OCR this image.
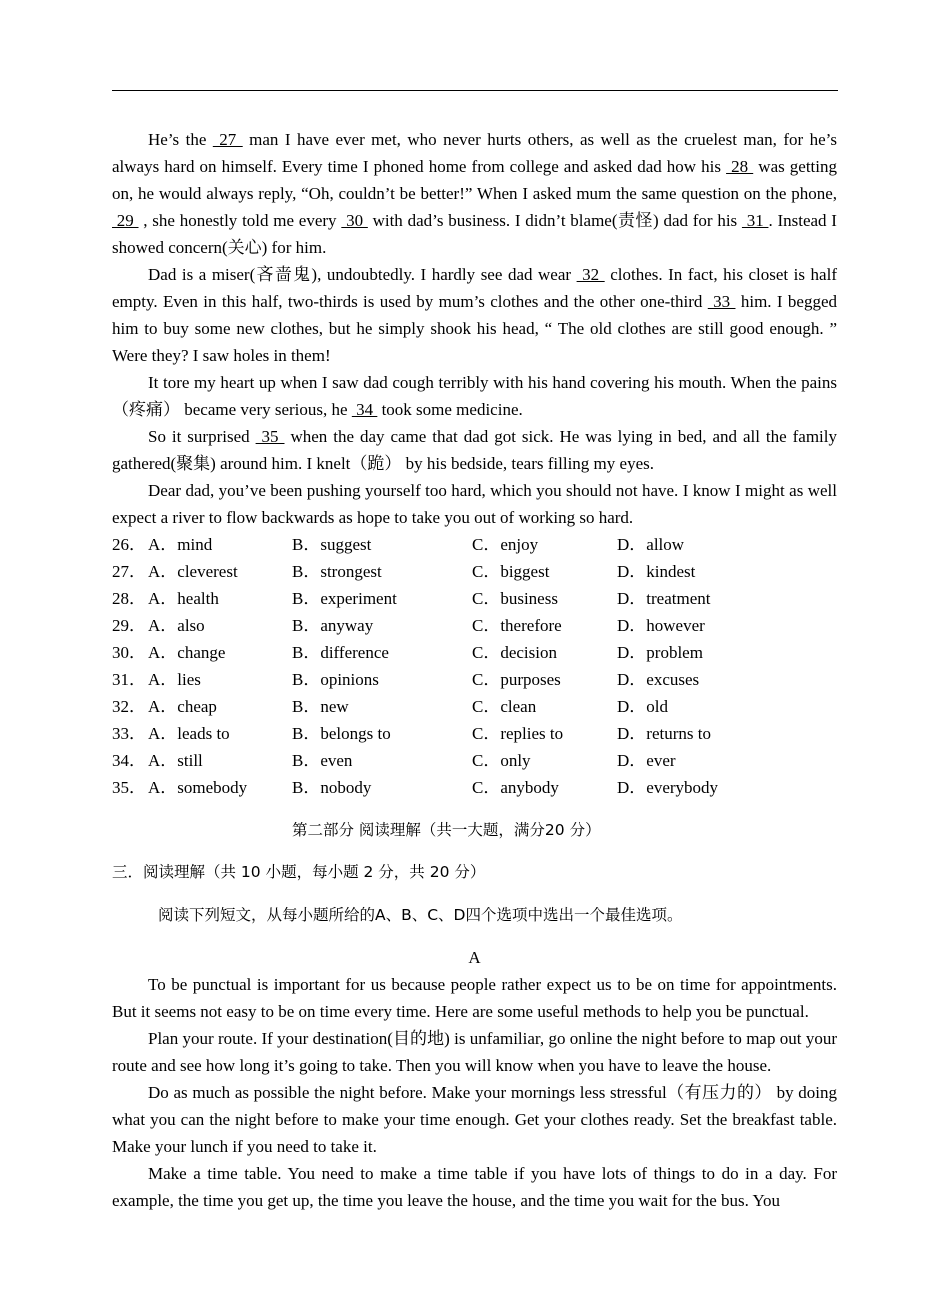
He’s the  27  man I have ever met, who never hurts others, as well as the cruelest man, for he’s always hard on himself. Every time I phoned home from college and asked dad how his  28  was getting on, he would always reply, “Oh, couldn’t be better!” When I asked mum the same question on the phone,  29  , she honestly told me every  30  with dad’s business. I didn’t blame(责怪) dad for his  31 . Instead I showed concern(关心) for him.

Dad is a miser(吝啬鬼), undoubtedly. I hardly see dad wear  32  clothes. In fact, his closet is half empty. Even in this half, two-thirds is used by mum’s clothes and the other one-third  33  him. I begged him to buy some new clothes, but he simply shook his head, “ The old clothes are still good enough. ” Were they? I saw holes in them!

It tore my heart up when I saw dad cough terribly with his hand covering his mouth. When the pains（疼痛） became very serious, he  34  took some medicine.

So it surprised  35  when the day came that dad got sick. He was lying in bed, and all the family gathered(聚集) around him. I knelt（跪） by his bedside, tears filling my eyes.

Dear dad, you’ve been pushing yourself too hard, which you should not have. I know I might as well expect a river to flow backwards as hope to take you out of working so hard.

26． A．mind	B．suggest	C．enjoy	D．allow
27． A．cleverest	B．strongest	C．biggest	D．kindest
28． A．health	B．experiment	C．business	D．treatment
29． A．also	B．anyway	C．therefore	D．however
30． A．change	B．difference	C．decision	D．problem
31． A．lies	B．opinions	C．purposes	D．excuses
32． A．cheap	B．new	C．clean	D．old
33． A．leads to	B．belongs to	C．replies to	D．returns to
34． A．still	B．even	C．only	D．ever
35． A．somebody	B．nobody	C．anybody	D．everybody

第二部分 阅读理解（共一大题，满分20 分）

三．阅读理解（共 10 小题，每小题 2 分，共 20 分）

阅读下列短文，从每小题所给的A、B、C、D四个选项中选出一个最佳选项。

A

To be punctual is important for us because people rather expect us to be on time for appointments. But it seems not easy to be on time every time. Here are some useful methods to help you be punctual.

Plan your route. If your destination(目的地) is unfamiliar, go online the night before to map out your route and see how long it’s going to take. Then you will know when you have to leave the house.

Do as much as possible the night before. Make your mornings less stressful（有压力的） by doing what you can the night before to make your time enough. Get your clothes ready. Set the breakfast table. Make your lunch if you need to take it.

Make a time table. You need to make a time table if you have lots of things to do in a day. For example, the time you get up, the time you leave the house, and the time you wait for the bus. You
